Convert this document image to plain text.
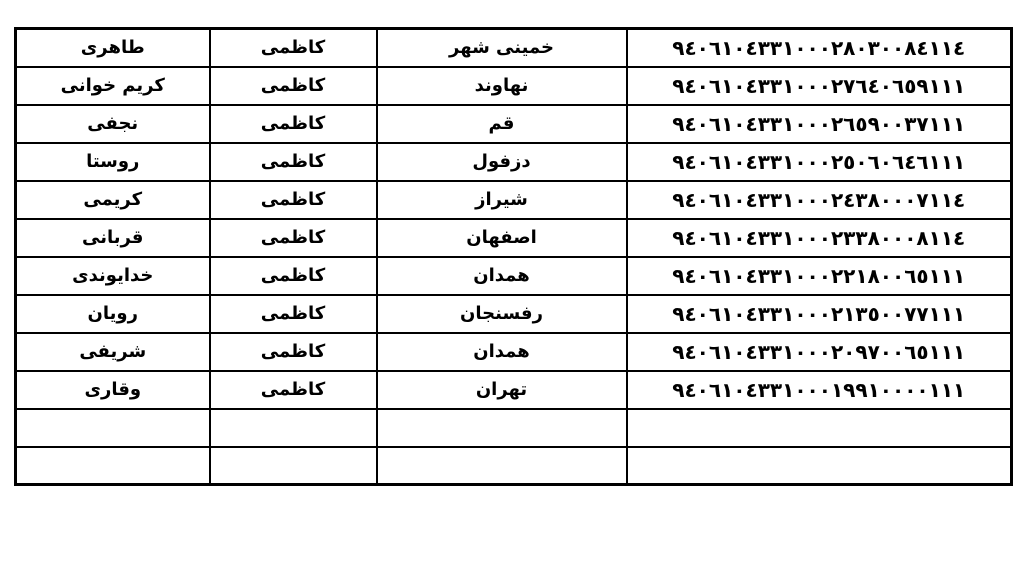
طاهری	کاظمی	خمینی شهر	٩٤٠٦١٠٤٣٣١٠٠٠٢٨٠٣٠٠٨٤١١٤
کریم خوانی	کاظمی	نهاوند	٩٤٠٦١٠٤٣٣١٠٠٠٢٧٦٤٠٦٥٩١١١
نجفی	کاظمی	قم	٩٤٠٦١٠٤٣٣١٠٠٠٢٦٥٩٠٠٣٧١١١
روستا	کاظمی	دزفول	٩٤٠٦١٠٤٣٣١٠٠٠٢٥٠٦٠٦٤٦١١١
کریمی	کاظمی	شیراز	٩٤٠٦١٠٤٣٣١٠٠٠٢٤٣٨٠٠٠٧١١٤
قربانی	کاظمی	اصفهان	٩٤٠٦١٠٤٣٣١٠٠٠٢٣٣٨٠٠٠٨١١٤
خدایوندی	کاظمی	همدان	٩٤٠٦١٠٤٣٣١٠٠٠٢٢١٨٠٠٦٥١١١
رویان	کاظمی	رفسنجان	٩٤٠٦١٠٤٣٣١٠٠٠٢١٣٥٠٠٧٧١١١
شریفی	کاظمی	همدان	٩٤٠٦١٠٤٣٣١٠٠٠٢٠٩٧٠٠٦٥١١١
وقاری	کاظمی	تهران	٩٤٠٦١٠٤٣٣١٠٠٠١٩٩١٠٠٠٠١١١
